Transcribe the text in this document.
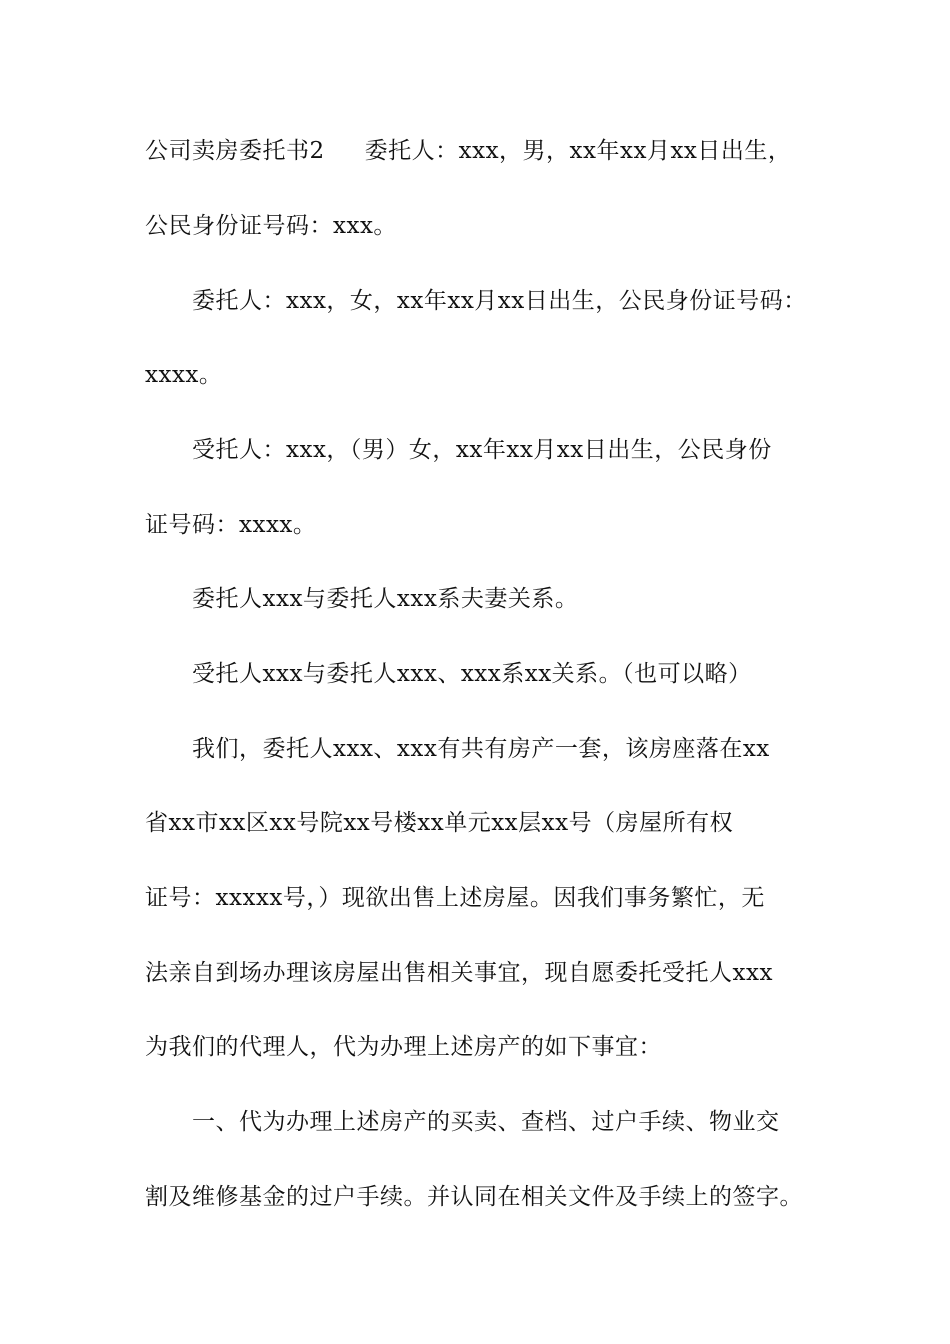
公司卖房委托书2 委托人：xxx，男，xx年xx月xx日出生，
公民身份证号码：xxx。
委托人：xxx，女，xx年xx月xx日出生，公民身份证号码：
xxxx。
受托人：xxx，（男）女，xx年xx月xx日出生，公民身份
证号码：xxxx。
委托人xxx与委托人xxx系夫妻关系。
受托人xxx与委托人xxx、xxx系xx关系。（也可以略）
我们，委托人xxx、xxx有共有房产一套，该房座落在xx
省xx市xx区xx号院xx号楼xx单元xx层xx号（房屋所有权
证号：xxxxx号，）现欲出售上述房屋。因我们事务繁忙，无
法亲自到场办理该房屋出售相关事宜，现自愿委托受托人xxx
为我们的代理人，代为办理上述房产的如下事宜：
一、代为办理上述房产的买卖、查档、过户手续、物业交
割及维修基金的过户手续。并认同在相关文件及手续上的签字。
